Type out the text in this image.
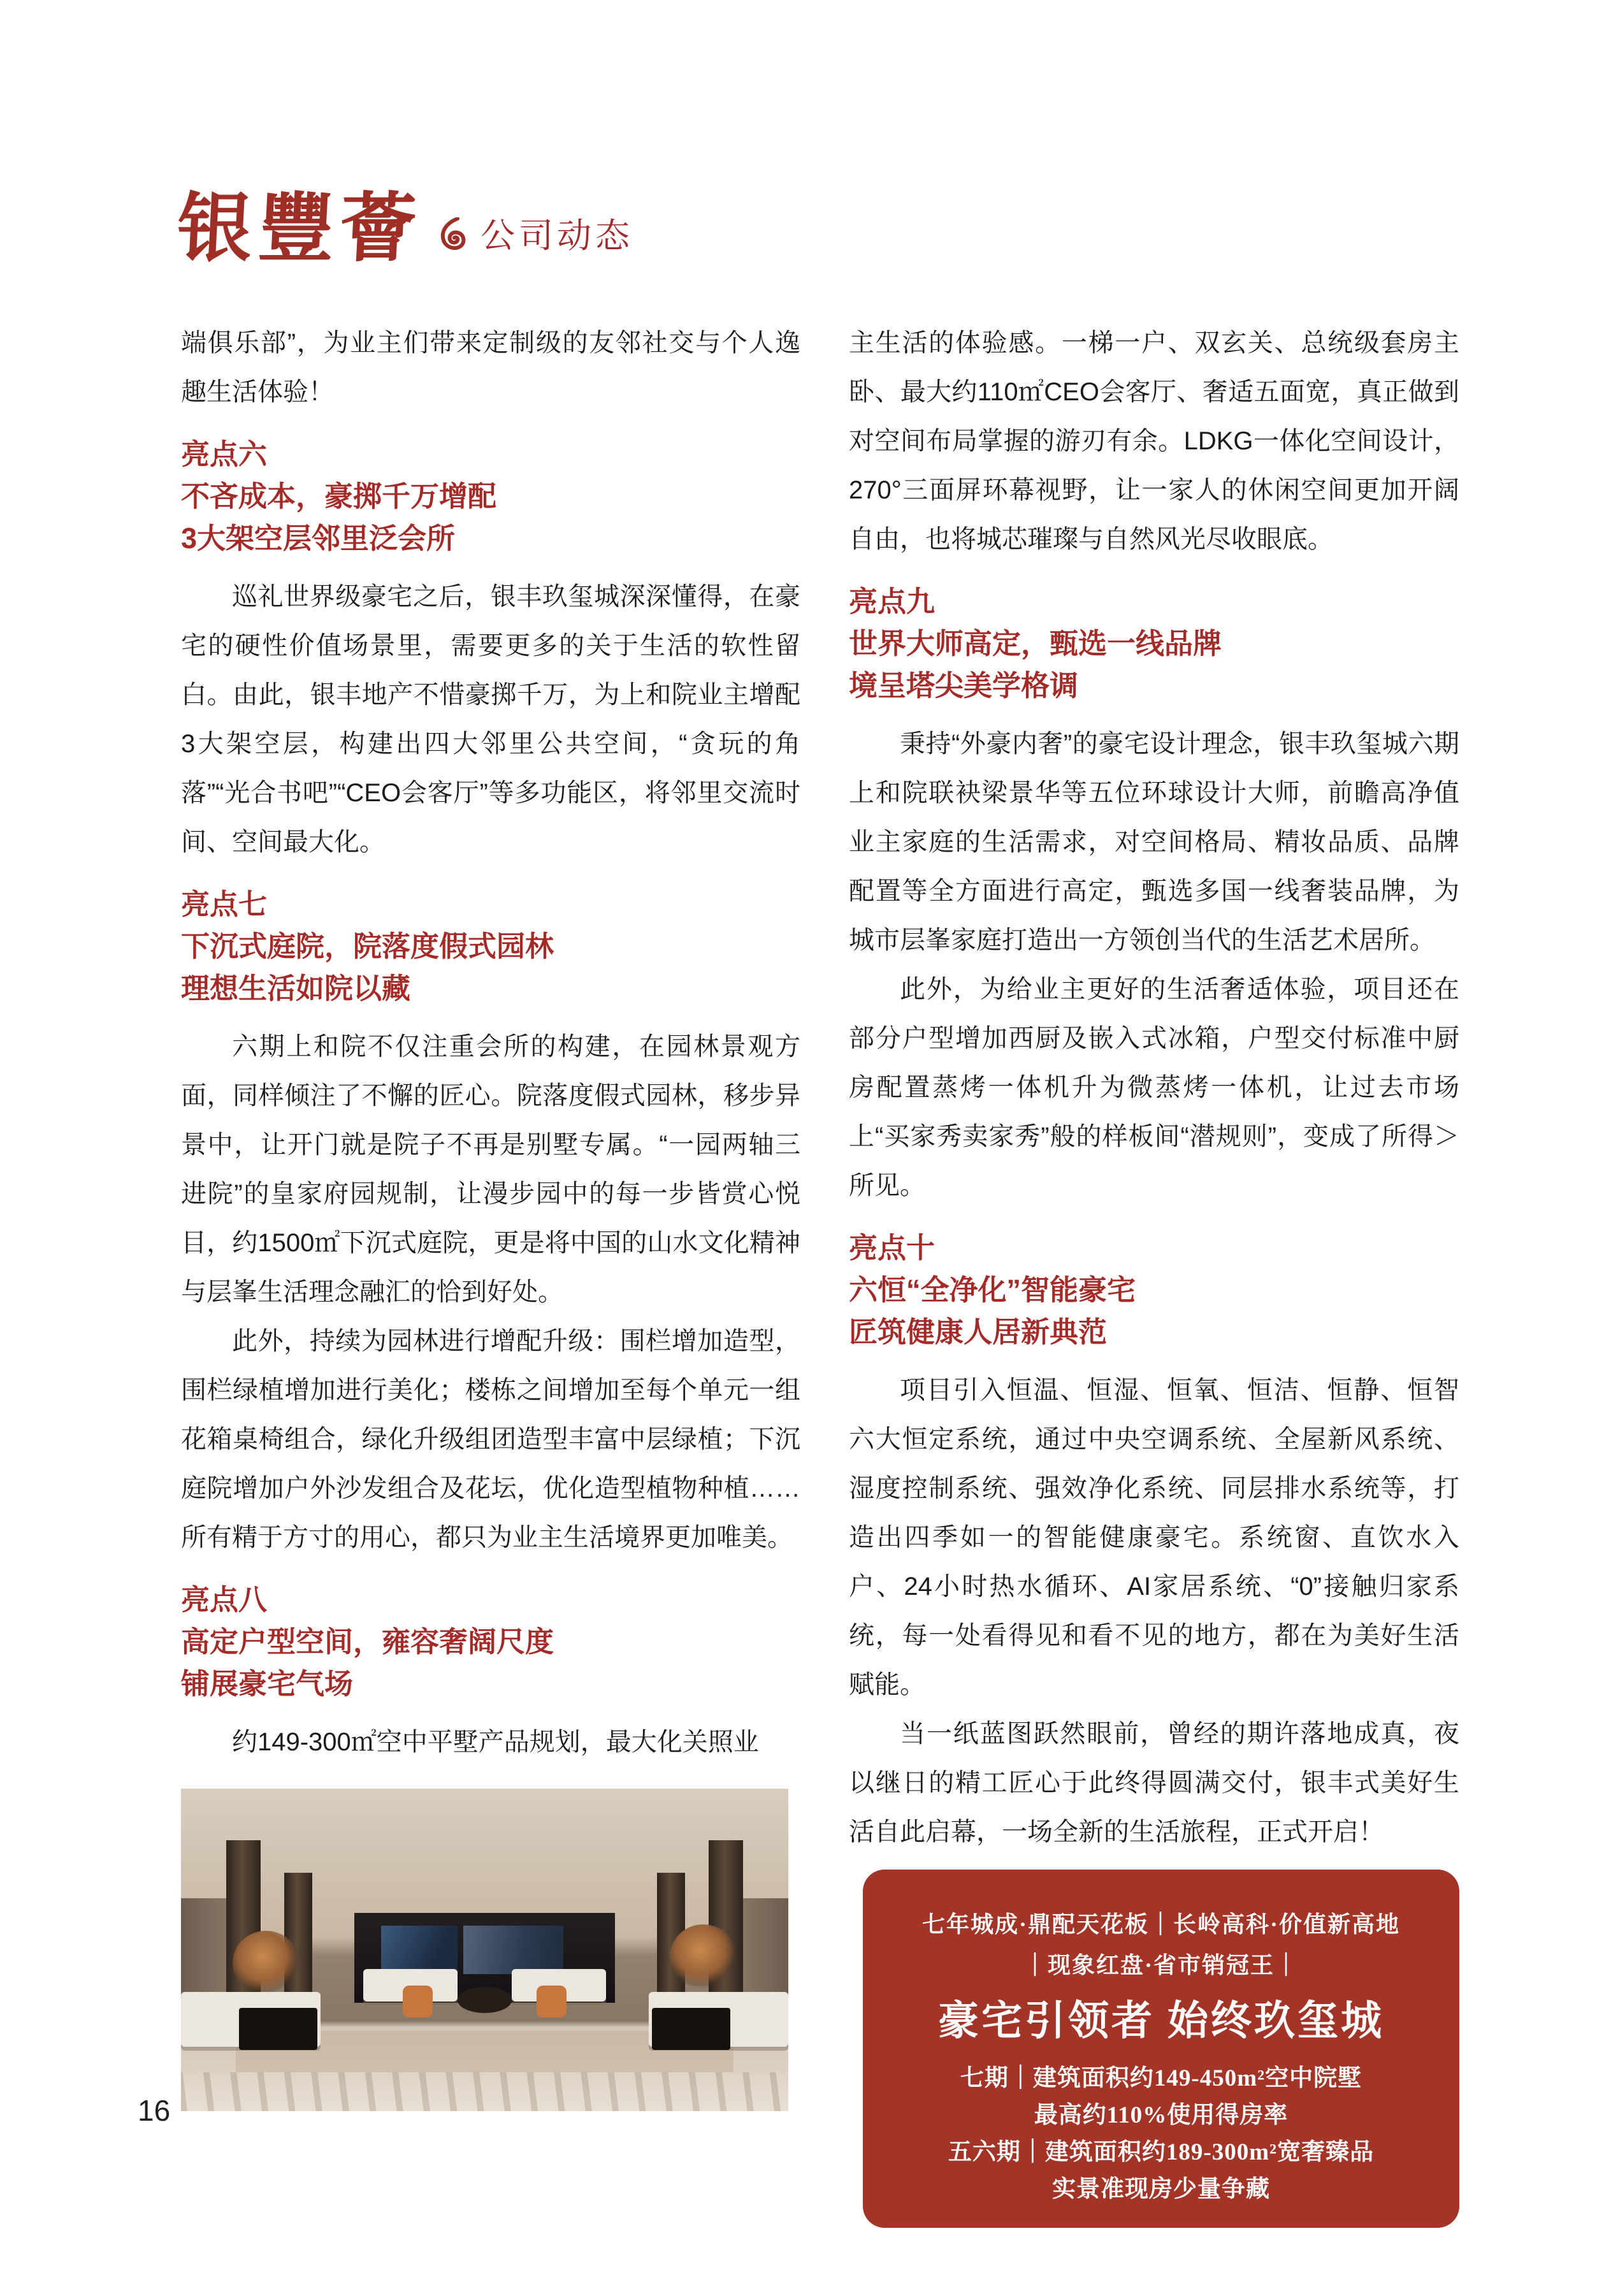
银豐薈 公司动态

端俱乐部”，为业主们带来定制级的友邻社交与个人逸趣生活体验！

亮点六
不吝成本，豪掷千万增配
3大架空层邻里泛会所

巡礼世界级豪宅之后，银丰玖玺城深深懂得，在豪宅的硬性价值场景里，需要更多的关于生活的软性留白。由此，银丰地产不惜豪掷千万，为上和院业主增配3大架空层，构建出四大邻里公共空间，“贪玩的角落”“光合书吧”“CEO会客厅”等多功能区，将邻里交流时间、空间最大化。

亮点七
下沉式庭院，院落度假式园林
理想生活如院以藏

六期上和院不仅注重会所的构建，在园林景观方面，同样倾注了不懈的匠心。院落度假式园林，移步异景中，让开门就是院子不再是别墅专属。“一园两轴三进院”的皇家府园规制，让漫步园中的每一步皆赏心悦目，约1500㎡下沉式庭院，更是将中国的山水文化精神与层峯生活理念融汇的恰到好处。

此外，持续为园林进行增配升级：围栏增加造型，围栏绿植增加进行美化；楼栋之间增加至每个单元一组花箱桌椅组合，绿化升级组团造型丰富中层绿植；下沉庭院增加户外沙发组合及花坛，优化造型植物种植……所有精于方寸的用心，都只为业主生活境界更加唯美。

亮点八
高定户型空间，雍容奢阔尺度
铺展豪宅气场

约149-300㎡空中平墅产品规划，最大化关照业

主生活的体验感。一梯一户、双玄关、总统级套房主卧、最大约110㎡CEO会客厅、奢适五面宽，真正做到对空间布局掌握的游刃有余。LDKG一体化空间设计，270°三面屏环幕视野，让一家人的休闲空间更加开阔自由，也将城芯璀璨与自然风光尽收眼底。

亮点九
世界大师高定，甄选一线品牌
境呈塔尖美学格调

秉持“外豪内奢”的豪宅设计理念，银丰玖玺城六期上和院联袂梁景华等五位环球设计大师，前瞻高净值业主家庭的生活需求，对空间格局、精妆品质、品牌配置等全方面进行高定，甄选多国一线奢装品牌，为城市层峯家庭打造出一方领创当代的生活艺术居所。

此外，为给业主更好的生活奢适体验，项目还在部分户型增加西厨及嵌入式冰箱，户型交付标准中厨房配置蒸烤一体机升为微蒸烤一体机，让过去市场上“买家秀卖家秀”般的样板间“潜规则”，变成了所得＞所见。

亮点十
六恒“全净化”智能豪宅
匠筑健康人居新典范

项目引入恒温、恒湿、恒氧、恒洁、恒静、恒智六大恒定系统，通过中央空调系统、全屋新风系统、湿度控制系统、强效净化系统、同层排水系统等，打造出四季如一的智能健康豪宅。系统窗、直饮水入户、24小时热水循环、AI家居系统、“0”接触归家系统，每一处看得见和看不见的地方，都在为美好生活赋能。

当一纸蓝图跃然眼前，曾经的期许落地成真，夜以继日的精工匠心于此终得圆满交付，银丰式美好生活自此启幕，一场全新的生活旅程，正式开启！

七年城成·鼎配天花板｜长岭高科·价值新高地
｜现象红盘·省市销冠王｜
豪宅引领者 始终玖玺城
七期｜建筑面积约149-450m²空中院墅
最高约110%使用得房率
五六期｜建筑面积约189-300m²宽奢臻品
实景准现房少量争藏
16
